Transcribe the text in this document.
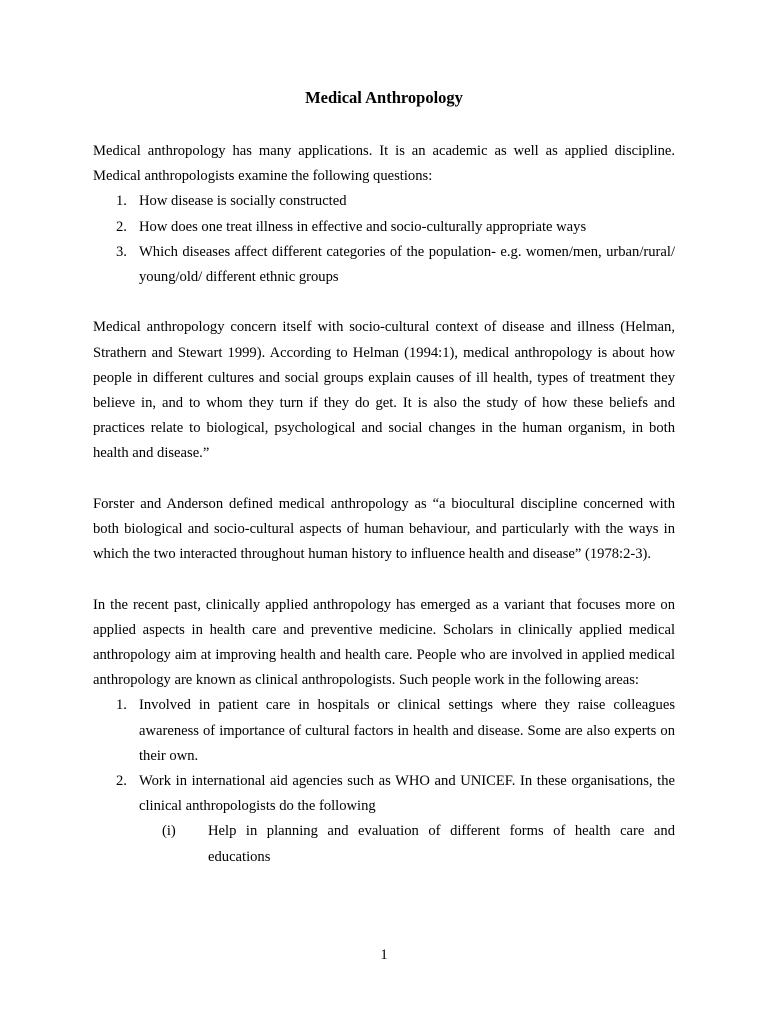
Medical Anthropology

Medical anthropology has many applications. It is an academic as well as applied discipline. Medical anthropologists examine the following questions:

1. How disease is socially constructed
2. How does one treat illness in effective and socio-culturally appropriate ways
3. Which diseases affect different categories of the population- e.g. women/men, urban/rural/ young/old/ different ethnic groups

Medical anthropology concern itself with socio-cultural context of disease and illness (Helman, Strathern and Stewart 1999). According to Helman (1994:1), medical anthropology is about how people in different cultures and social groups explain causes of ill health, types of treatment they believe in, and to whom they turn if they do get. It is also the study of how these beliefs and practices relate to biological, psychological and social changes in the human organism, in both health and disease.”

Forster and Anderson defined medical anthropology as “a biocultural discipline concerned with both biological and socio-cultural aspects of human behaviour, and particularly with the ways in which the two interacted throughout human history to influence health and disease” (1978:2-3).

In the recent past, clinically applied anthropology has emerged as a variant that focuses more on applied aspects in health care and preventive medicine. Scholars in clinically applied medical anthropology aim at improving health and health care. People who are involved in applied medical anthropology are known as clinical anthropologists. Such people work in the following areas:

1. Involved in patient care in hospitals or clinical settings where they raise colleagues awareness of importance of cultural factors in health and disease. Some are also experts on their own.
2. Work in international aid agencies such as WHO and UNICEF. In these organisations, the clinical anthropologists do the following
(i) Help in planning and evaluation of different forms of health care and educations
1
